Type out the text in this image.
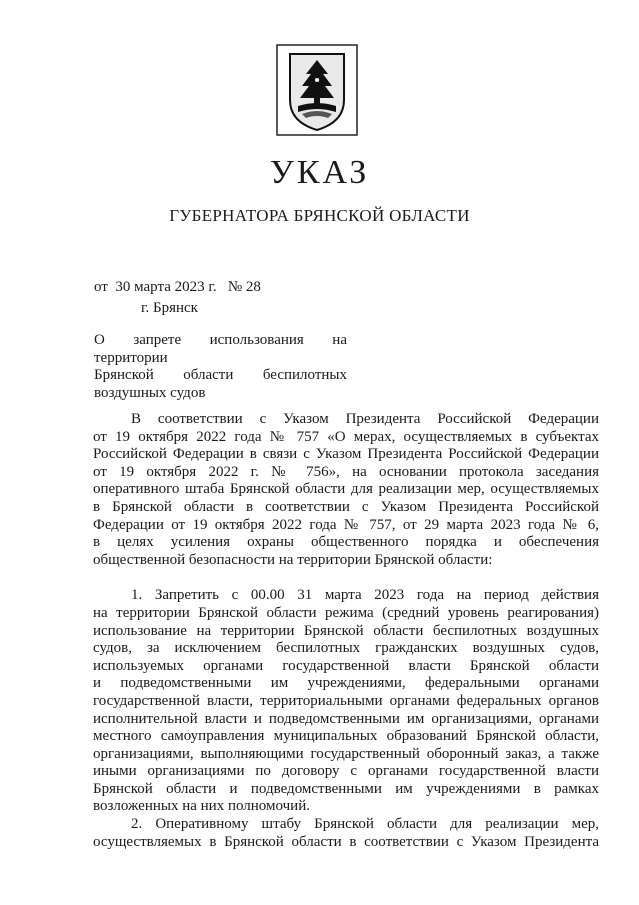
УКАЗ
ГУБЕРНАТОРА БРЯНСКОЙ ОБЛАСТИ
от 30 марта 2023 г. № 28
г. Брянск
О запрете использования на территории
Брянской области беспилотных
воздушных судов
В соответствии с Указом Президента Российской Федерации
от 19 октября 2022 года № 757 «О мерах, осуществляемых в субъектах
Российской Федерации в связи с Указом Президента Российской Федерации
от 19 октября 2022 г. № 756», на основании протокола заседания
оперативного штаба Брянской области для реализации мер, осуществляемых
в Брянской области в соответствии с Указом Президента Российской
Федерации от 19 октября 2022 года № 757, от 29 марта 2023 года № 6,
в целях усиления охраны общественного порядка и обеспечения
общественной безопасности на территории Брянской области:
1. Запретить с 00.00 31 марта 2023 года на период действия
на территории Брянской области режима (средний уровень реагирования)
использование на территории Брянской области беспилотных воздушных
судов, за исключением беспилотных гражданских воздушных судов,
используемых органами государственной власти Брянской области
и подведомственными им учреждениями, федеральными органами
государственной власти, территориальными органами федеральных органов
исполнительной власти и подведомственными им организациями, органами
местного самоуправления муниципальных образований Брянской области,
организациями, выполняющими государственный оборонный заказ, а также
иными организациями по договору с органами государственной власти
Брянской области и подведомственными им учреждениями в рамках
возложенных на них полномочий.
2. Оперативному штабу Брянской области для реализации мер,
осуществляемых в Брянской области в соответствии с Указом Президента
